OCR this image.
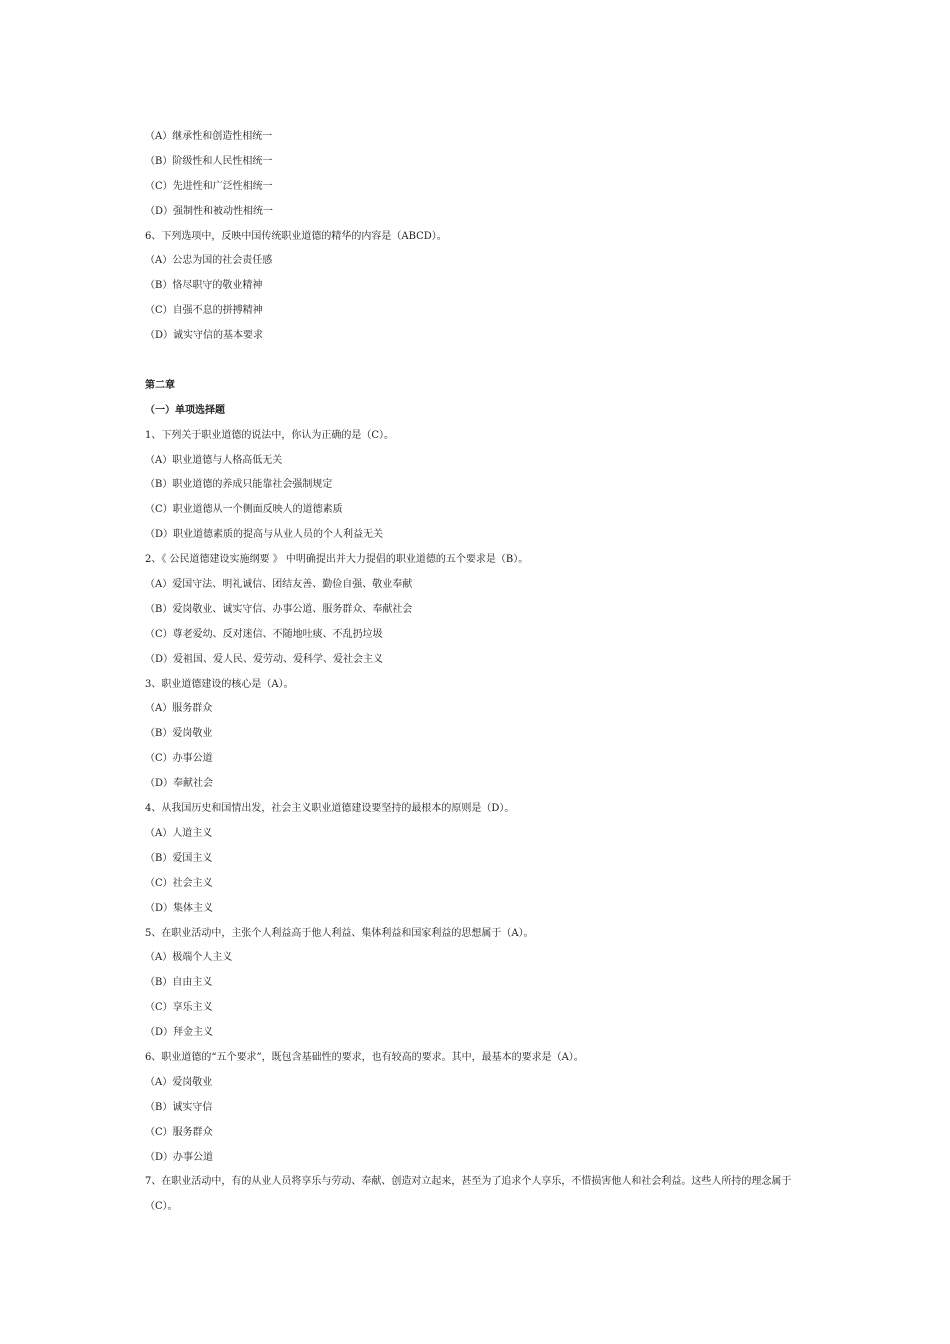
（A）继承性和创造性相统一
（B）阶级性和人民性相统一
（C）先进性和广泛性相统一
（D）强制性和被动性相统一
6、下列选项中，反映中国传统职业道德的精华的内容是（ABCD）。
（A）公忠为国的社会责任感
（B）恪尽职守的敬业精神
（C）自强不息的拼搏精神
（D）诚实守信的基本要求
第二章
（一）单项选择题
1、下列关于职业道德的说法中，你认为正确的是（C）。
（A）职业道德与人格高低无关
（B）职业道德的养成只能靠社会强制规定
（C）职业道德从一个侧面反映人的道德素质
（D）职业道德素质的提高与从业人员的个人利益无关
2、《 公民道德建设实施纲要 》 中明确提出并大力提倡的职业道德的五个要求是（B）。
（A）爱国守法、明礼诚信、团结友善、勤俭自强、敬业奉献
（B）爱岗敬业、诚实守信、办事公道、服务群众、奉献社会
（C）尊老爱幼、反对迷信、不随地吐痰、不乱扔垃圾
（D）爱祖国、爱人民、爱劳动、爱科学、爱社会主义
3、职业道德建设的核心是（A）。
（A）服务群众
（B）爱岗敬业
（C）办事公道
（D）奉献社会
4、从我国历史和国情出发，社会主义职业道德建设要坚持的最根本的原则是（D）。
（A）人道主义
（B）爱国主义
（C）社会主义
（D）集体主义
5、在职业活动中，主张个人利益高于他人利益、集体利益和国家利益的思想属于（A）。
（A）极端个人主义
（B）自由主义
（C）享乐主义
（D）拜金主义
6、职业道德的“五个要求”，既包含基础性的要求，也有较高的要求。其中，最基本的要求是（A）。
（A）爱岗敬业
（B）诚实守信
（C）服务群众
（D）办事公道
7、在职业活动中，有的从业人员将享乐与劳动、奉献、创造对立起来，甚至为了追求个人享乐，不惜损害他人和社会利益。这些人所持的理念属于（C）。
